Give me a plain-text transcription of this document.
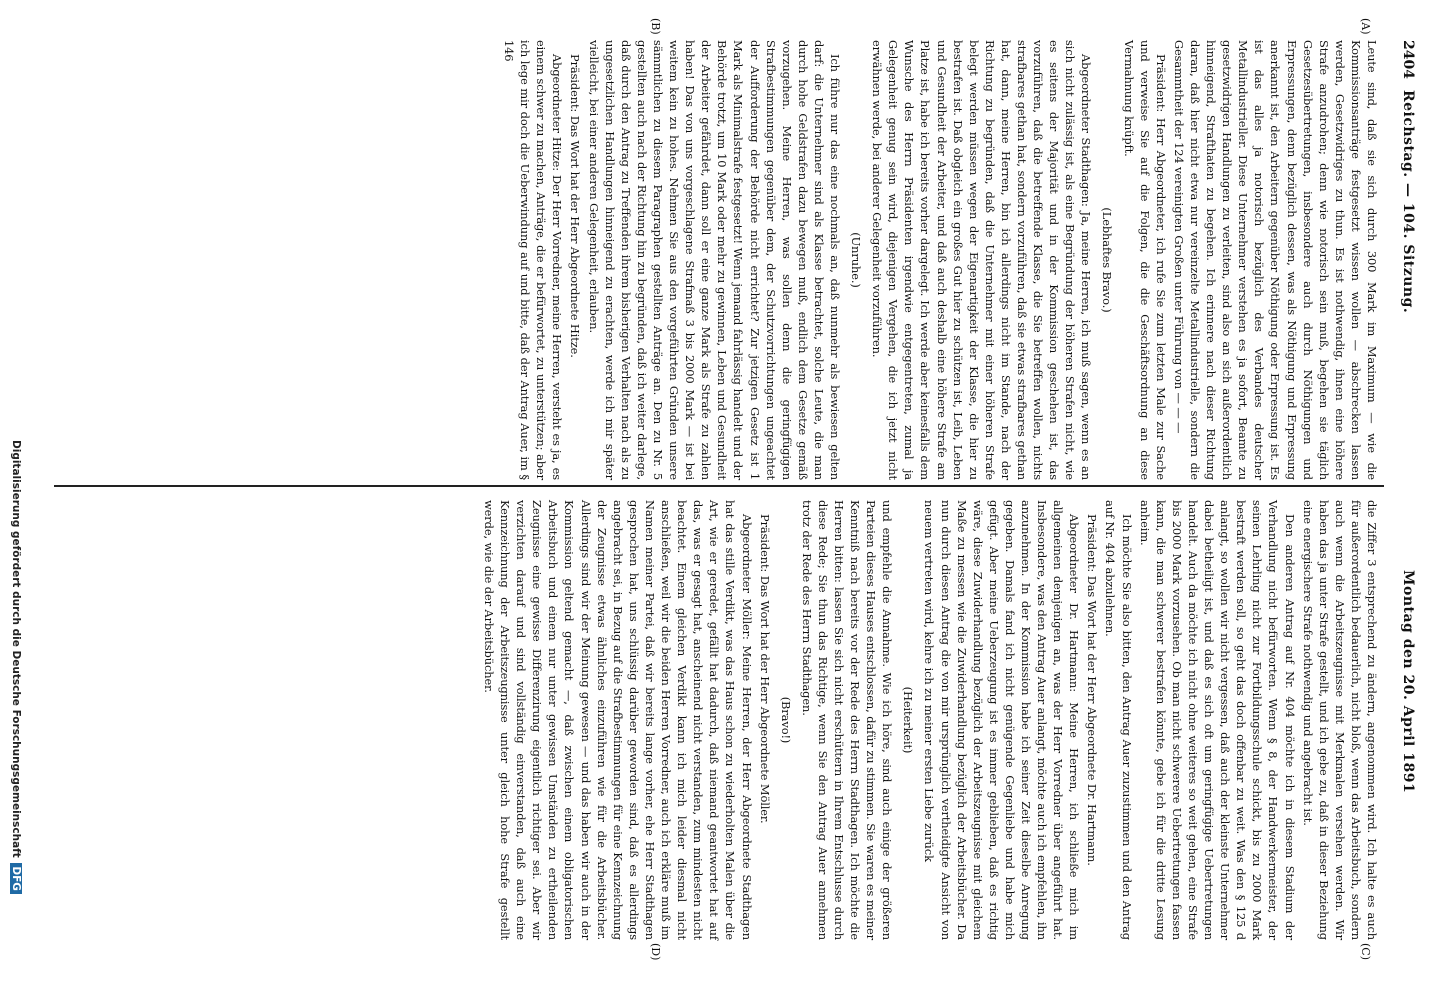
2404
Reichstag. — 104. Sitzung.
Montag den 20. April 1891
(A)
(B)
(C)
(D)

Leute sind, daß sie sich durch 300 Mark im Maximum — wie die Kommissionsanträge festgesetzt wissen wollen — abschrecken lassen werden, Gesetzwidriges zu thun. Es ist nothwendig, ihnen eine höhere Strafe anzudrohen; denn wie notorisch sein muß, begehen sie täglich Gesetzesübertretungen, insbesondere auch durch Nöthigungen und Erpressungen, denn bezüglich dessen, was als Nöthigung und Erpressung anerkannt ist, den Arbeitern gegenüber Nöthigung oder Erpressung ist. Es ist das alles ja notorisch bezüglich des Verbandes deutscher Metallindustrieller. Diese Unternehmer verstehen es ja sofort, Beamte zu gesetzwidrigen Handlungen zu verleiten, sind also an sich außerordentlich hinneigend, Strafthaten zu begehen. Ich erinnere nach dieser Richtung daran, daß hier nicht etwa nur vereinzelte Metallindustrielle, sondern die Gesammtheit der 124 vereinigten Großen unter Führung von — — —

Präsident: Herr Abgeordneter, ich rufe Sie zum letzten Male zur Sache und verweise Sie auf die Folgen, die die Geschäftsordnung an diese Vermahnung knüpft.

(Lebhaftes Bravo.)

Abgeordneter Stadthagen: Ja, meine Herren, ich muß sagen, wenn es an sich nicht zulässig ist, als eine Begründung der höheren Strafen nicht, wie es seitens der Majorität und in der Kommission geschehen ist, das vorzuführen, daß die betreffende Klasse, die Sie betreffen wollen, nichts strafbares gethan hat, sondern vorzuführen, daß sie etwas strafbares gethan hat, dann, meine Herren, bin ich allerdings nicht im Stande, nach der Richtung zu begründen, daß die Unternehmer mit einer höheren Strafe belegt werden müssen wegen der Eigenartigkeit der Klasse, die hier zu bestrafen ist. Daß obgleich ein großes Gut hier zu schützen ist, Leib, Leben und Gesundheit der Arbeiter, und daß auch deshalb eine höhere Strafe am Platze ist, habe ich bereits vorher dargelegt. Ich werde aber keinesfalls dem Wunsche des Herrn Präsidenten irgendwie entgegentreten, zumal ja Gelegenheit genug sein wird, diejenigen Vergehen, die ich jetzt nicht erwähnen werde, bei anderer Gelegenheit vorzuführen.

(Unruhe.)

Ich führe nur das eine nochmals an, daß nunmehr als bewiesen gelten darf: die Unternehmer sind als Klasse betrachtet, solche Leute, die man durch hohe Geldstrafen dazu bewegen muß, endlich dem Gesetze gemäß vorzugehen. Meine Herren, was sollen denn die geringfügigen Strafbestimmungen gegenüber dem, der Schutzvorrichtungen ungeachtet der Aufforderung der Behörde nicht errichtet? Zur jetzigen Gesetz ist 1 Mark als Minimalstrafe festgesetzt! Wenn jemand fahrlässig handelt und der Behörde trotzt, um 10 Mark oder mehr zu gewinnen, Leben und Gesundheit der Arbeiter gefährdet, dann soll er eine ganze Mark als Strafe zu zahlen haben! Das von uns vorgeschlagene Strafmaß 3 bis 2000 Mark — ist bei weitem kein zu hohes. Nehmen Sie aus den vorgeführten Gründen unsere sämmtlichen zu diesem Paragraphen gestellten Anträge an. Den zu Nr. 5 gestellten auch nach der Richtung hin zu begründen, daß ich weiter darlege, daß durch den Antrag zu Treffenden ihrem bisherigen Verhalten nach als zu ungesetzlichen Handlungen hinneigend zu erachten, werde ich mir später vielleicht, bei einer anderen Gelegenheit, erlauben.

Präsident: Das Wort hat der Herr Abgeordnete Hitze.

Abgeordneter Hitze: Der Herr Vorredner, meine Herren, versteht es ja, es einem schwer zu machen, Anträge, die er befürwortet, zu unterstützen; aber ich lege mir doch die Ueberwindung auf und bitte, daß der Antrag Auer, im § 146

die Ziffer 3 entsprechend zu ändern, angenommen wird. Ich halte es auch für außerordentlich bedauerlich, nicht bloß, wenn das Arbeitsbuch, sondern auch wenn die Arbeitszeugnisse mit Merkmalen versehen werden. Wir haben das ja unter Strafe gestellt, und ich gebe zu, daß in dieser Beziehung eine energischere Strafe nothwendig und angebracht ist.

Den anderen Antrag auf Nr. 404 möchte ich in diesem Stadium der Verhandlung nicht befürworten. Wenn § 8, der Handwerkermeister, der seinen Lehrling nicht zur Fortbildungsschule schickt, bis zu 2000 Mark bestraft werden soll, so geht das doch offenbar zu weit. Was den § 125 d anlangt, so wollen wir nicht vergessen, daß auch der kleinste Unternehmer dabei betheiligt ist, und daß es sich oft um geringfügige Uebertretungen handelt. Auch da möchte ich nicht ohne weiteres so weit gehen, eine Strafe bis 2000 Mark vorzusehen. Ob man nicht schwerere Uebertretungen fassen kann, die man schwerer bestrafen könnte, gebe ich für die dritte Lesung anheim.

Ich möchte Sie also bitten, den Antrag Auer zuzustimmen und den Antrag auf Nr. 404 abzulehnen.

Präsident: Das Wort hat der Herr Abgeordnete Dr. Hartmann.

Abgeordneter Dr. Hartmann: Meine Herren, ich schließe mich im allgemeinen demjenigen an, was der Herr Vorredner über angeführt hat. Insbesondere, was den Antrag Auer anlangt, möchte auch ich empfehlen, ihn anzunehmen. In der Kommission habe ich seiner Zeit dieselbe Anregung gegeben. Damals fand ich nicht genügende Gegenliebe und habe mich gefügt. Aber meine Ueberzeugung ist es immer geblieben, daß es richtig wäre, diese Zuwiderhandlung bezüglich der Arbeitszeugnisse mit gleichem Maße zu messen wie die Zuwiderhandlung bezüglich der Arbeitsbücher. Da nun durch diesen Antrag die von mir ursprünglich vertheidigte Ansicht von neuem vertreten wird, kehre ich zu meiner ersten Liebe zurück

(Heiterkeit)

und empfehle die Annahme. Wie ich höre, sind auch einige der größeren Parteien dieses Hauses entschlossen, dafür zu stimmen. Sie waren es meiner Kenntniß nach bereits vor der Rede des Herrn Stadthagen. Ich möchte die Herren bitten: lassen Sie sich nicht erschüttern in Ihrem Entschlusse durch diese Rede; Sie thun das Richtige, wenn Sie den Antrag Auer annehmen trotz der Rede des Herrn Stadthagen.

(Bravo!)

Präsident: Das Wort hat der Herr Abgeordnete Möller.

Abgeordneter Möller: Meine Herren, der Herr Abgeordnete Stadthagen hat das stille Verdikt, was das Haus schon zu wiederholten Malen über die Art, wie er geredet, gefällt hat dadurch, daß niemand geantwortet hat auf das, was er gesagt hat, anscheinend nicht verstanden, zum mindesten nicht beachtet. Einem gleichen Verdikt kann ich mich leider diesmal nicht anschließen, weil wir die beiden Herren Vorredner, auch ich erkläre muß im Namen meiner Partei, daß wir bereits lange vorher, ehe Herr Stadthagen gesprochen hat, uns schlüssig darüber geworden sind, daß es allerdings angebracht sei, in Bezug auf die Strafbestimmungen für eine Kennzeichnung der Zeugnisse etwas ähnliches einzuführen wie für die Arbeitsbücher. Allerdings sind wir der Meinung gewesen — und das haben wir auch in der Kommission geltend gemacht —, daß zwischen einem obligatorischen Arbeitsbuch und einem nur unter gewissen Umständen zu ertheilenden Zeugnisse eine gewisse Differenzirung eigentlich richtiger sei. Aber wir verzichten darauf und sind vollständig einverstanden, daß auch eine Kennzeichnung der Arbeitszeugnisse unter gleich hohe Strafe gestellt werde, wie die der Arbeitsbücher.

Digitalisierung gefördert durch die Deutsche Forschungsgemeinschaft DFG
